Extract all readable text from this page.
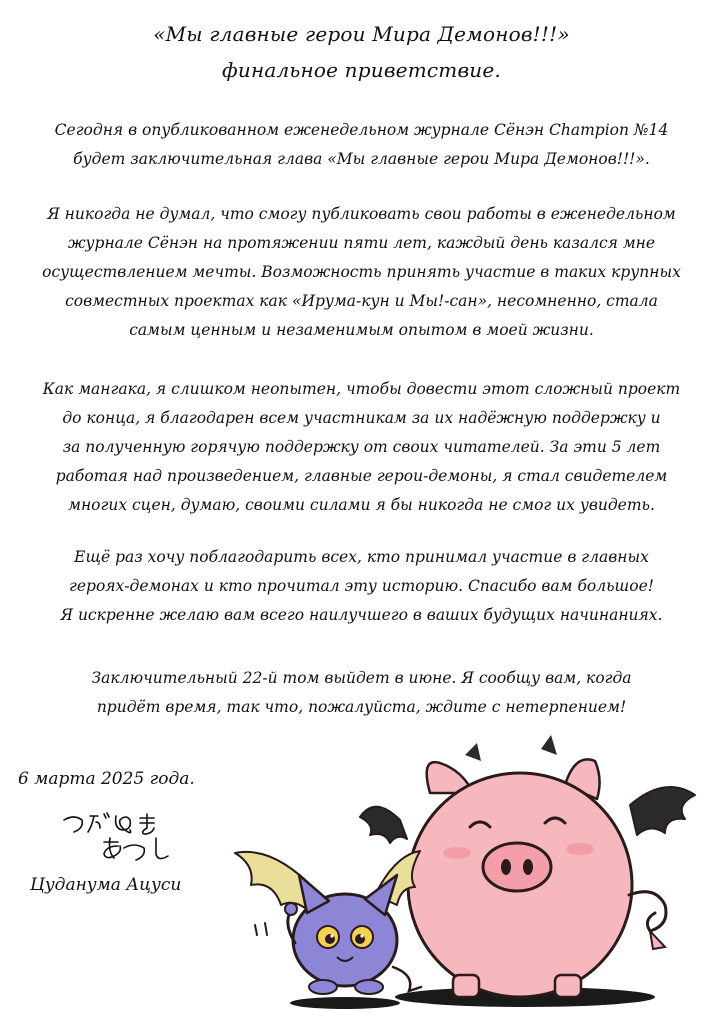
«Мы главные герои Мира Демонов!!!»
финальное приветствие.
Сегодня в опубликованном еженедельном журнале Сёнэн Champion №14
будет заключительная глава «Мы главные герои Мира Демонов!!!».
Я никогда не думал, что смогу публиковать свои работы в еженедельном
журнале Сёнэн на протяжении пяти лет, каждый день казался мне
осуществлением мечты. Возможность принять участие в таких крупных
совместных проектах как «Ирума-кун и Мы!-сан», несомненно, стала
самым ценным и незаменимым опытом в моей жизни.
Как мангака, я слишком неопытен, чтобы довести этот сложный проект
до конца, я благодарен всем участникам за их надёжную поддержку и
за полученную горячую поддержку от своих читателей. За эти 5 лет
работая над произведением, главные герои-демоны, я стал свидетелем
многих сцен, думаю, своими силами я бы никогда не смог их увидеть.
Ещё раз хочу поблагодарить всех, кто принимал участие в главных
героях-демонах и кто прочитал эту историю. Спасибо вам большое!
Я искренне желаю вам всего наилучшего в ваших будущих начинаниях.
Заключительный 22-й том выйдет в июне. Я сообщу вам, когда
придёт время, так что, пожалуйста, ждите с нетерпением!
6 марта 2025 года.
Цуданума Ацуси
